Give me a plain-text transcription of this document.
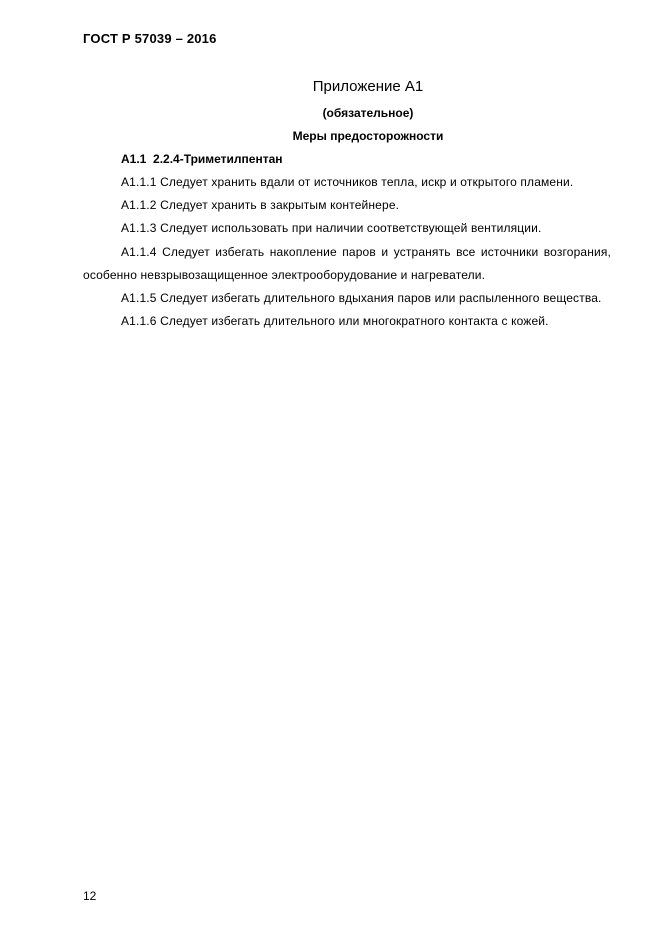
ГОСТ Р 57039 – 2016
Приложение А1
(обязательное)
Меры предосторожности
А1.1  2.2.4-Триметилпентан

А1.1.1 Следует хранить вдали от источников тепла, искр и открытого пламени.

А1.1.2 Следует хранить в закрытым контейнере.

А1.1.3 Следует использовать при наличии соответствующей вентиляции.

А1.1.4 Следует избегать накопление паров и устранять все источники возгорания, особенно невзрывозащищенное электрооборудование и нагреватели.

А1.1.5 Следует избегать длительного вдыхания паров или распыленного вещества.

А1.1.6 Следует избегать длительного или многократного контакта с кожей.

12
